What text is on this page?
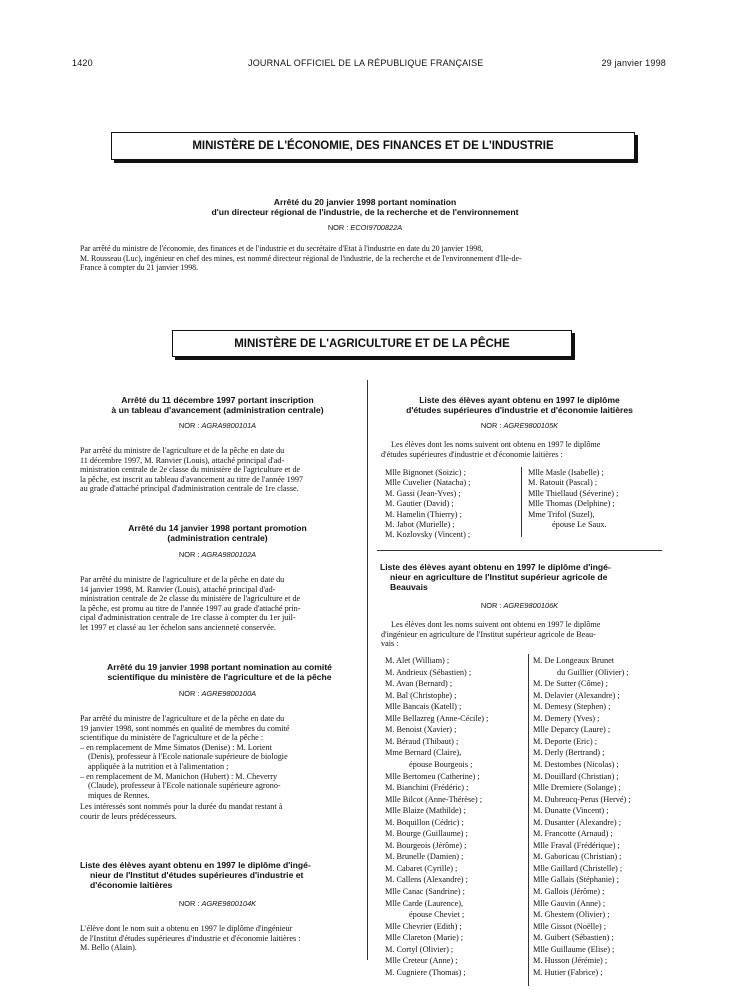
1420	JOURNAL OFFICIEL DE LA RÉPUBLIQUE FRANÇAISE	29 janvier 1998
MINISTÈRE DE L'ÉCONOMIE, DES FINANCES ET DE L'INDUSTRIE
Arrêté du 20 janvier 1998 portant nomination
d'un directeur régional de l'industrie, de la recherche et de l'environnement
NOR : ECOI9700822A
Par arrêté du ministre de l'économie, des finances et de l'industrie et du secrétaire d'Etat à l'industrie en date du 20 janvier 1998,
M. Rousseau (Luc), ingénieur en chef des mines, est nommé directeur régional de l'industrie, de la recherche et de l'environnement d'Ile-de-
France à compter du 21 janvier 1998.
MINISTÈRE DE L'AGRICULTURE ET DE LA PÊCHE
Arrêté du 11 décembre 1997 portant inscription
à un tableau d'avancement (administration centrale)
NOR : AGRA9800101A
Par arrêté du ministre de l'agriculture et de la pêche en date du
11 décembre 1997, M. Ranvier (Louis), attaché principal d'ad-
ministration centrale de 2e classe du ministère de l'agriculture et de
la pêche, est inscrit au tableau d'avancement au titre de l'année 1997
au grade d'attaché principal d'administration centrale de 1re classe.
Arrêté du 14 janvier 1998 portant promotion
(administration centrale)
NOR : AGRA9800102A
Par arrêté du ministre de l'agriculture et de la pêche en date du
14 janvier 1998, M. Ranvier (Louis), attaché principal d'ad-
ministration centrale de 2e classe du ministère de l'agriculture et de
la pêche, est promu au titre de l'année 1997 au grade d'attaché prin-
cipal d'administration centrale de 1re classe à compter du 1er juil-
let 1997 et classé au 1er échelon sans ancienneté conservée.
Arrêté du 19 janvier 1998 portant nomination au comité
scientifique du ministère de l'agriculture et de la pêche
NOR : AGRE9800100A
Par arrêté du ministre de l'agriculture et de la pêche en date du
19 janvier 1998, sont nommés en qualité de membres du comité
scientifique du ministère de l'agriculture et de la pêche :
– en remplacement de Mme Simatos (Denise) : M. Lorient
(Denis), professeur à l'Ecole nationale supérieure de biologie
appliquée à la nutrition et à l'alimentation ;
– en remplacement de M. Manichon (Hubert) : M. Cheverry
(Claude), professeur à l'Ecole nationale supérieure agrono-
miques de Rennes.
Les intéressés sont nommés pour la durée du mandat restant à
courir de leurs prédécesseurs.
Liste des élèves ayant obtenu en 1997 le diplôme d'ingé-
nieur de l'Institut d'études supérieures d'industrie et
d'économie laitières
NOR : AGRE9800104K
L'élève dont le nom suit a obtenu en 1997 le diplôme d'ingénieur
de l'Institut d'études supérieures d'industrie et d'économie laitières :
M. Bello (Alain).
Liste des élèves ayant obtenu en 1997 le diplôme
d'études supérieures d'industrie et d'économie laitières
NOR : AGRE9800105K
Les élèves dont les noms suivent ont obtenu en 1997 le diplôme
d'études supérieures d'industrie et d'économie laitières :
Mlle Bignonet (Soizic) ;
Mlle Cuvelier (Natacha) ;
M. Gassi (Jean-Yves) ;
M. Gautier (David) ;
M. Hamelin (Thierry) ;
M. Jabot (Murielle) ;
M. Kozlovsky (Vincent) ;
Mlle Masle (Isabelle) ;
M. Ratouit (Pascal) ;
Mlle Thiellaud (Séverine) ;
Mlle Thomas (Delphine) ;
Mme Trifol (Suzel),
épouse Le Saux.
Liste des élèves ayant obtenu en 1997 le diplôme d'ingé-
nieur en agriculture de l'Institut supérieur agricole de
Beauvais
NOR : AGRE9800106K
Les élèves dont les noms suivent ont obtenu en 1997 le diplôme
d'ingénieur en agriculture de l'Institut supérieur agricole de Beau-
vais :
M. Alet (William) ;
M. Andrieux (Sébastien) ;
M. Avan (Bernard) ;
M. Bal (Christophe) ;
Mlle Bancais (Katell) ;
Mlle Bellazreg (Anne-Cécile) ;
M. Benoist (Xavier) ;
M. Béraud (Thibaut) ;
Mme Bernard (Claire),
épouse Bourgeois ;
Mlle Bertomeu (Catherine) ;
M. Bianchini (Frédéric) ;
Mlle Bilcot (Anne-Thérèse) ;
Mlle Blaize (Mathilde) ;
M. Boquillon (Cédric) ;
M. Bourge (Guillaume) ;
M. Bourgeois (Jérôme) ;
M. Brunelle (Damien) ;
M. Cabaret (Cyrille) ;
M. Callens (Alexandre) ;
Mlle Canac (Sandrine) ;
Mlle Carde (Laurence),
épouse Cheviet ;
Mlle Chevrier (Edith) ;
Mlle Clareton (Marie) ;
M. Cortyl (Olivier) ;
Mlle Creteur (Anne) ;
M. Cugniere (Thomas) ;
M. De Longeaux Brunet
du Guillier (Olivier) ;
M. De Sutter (Côme) ;
M. Delavier (Alexandre) ;
M. Demesy (Stephen) ;
M. Demery (Yves) ;
Mlle Deparcy (Laure) ;
M. Deporte (Eric) ;
M. Derly (Bertrand) ;
M. Destombes (Nicolas) ;
M. Douillard (Christian) ;
Mlle Dremiere (Solange) ;
M. Dubreucq-Perus (Hervé) ;
M. Dunatte (Vincent) ;
M. Dusanter (Alexandre) ;
M. Francotte (Arnaud) ;
Mlle Fraval (Frédérique) ;
M. Gaboricau (Christian) ;
Mlle Gaillard (Christelle) ;
Mlle Gallais (Stéphanie) ;
M. Gallois (Jérôme) ;
Mlle Gauvin (Anne) ;
M. Ghestem (Olivier) ;
Mlle Gissot (Noëlle) ;
M. Guibert (Sébastien) ;
Mlle Guillaume (Elise) ;
M. Husson (Jérémie) ;
M. Hutier (Fabrice) ;
